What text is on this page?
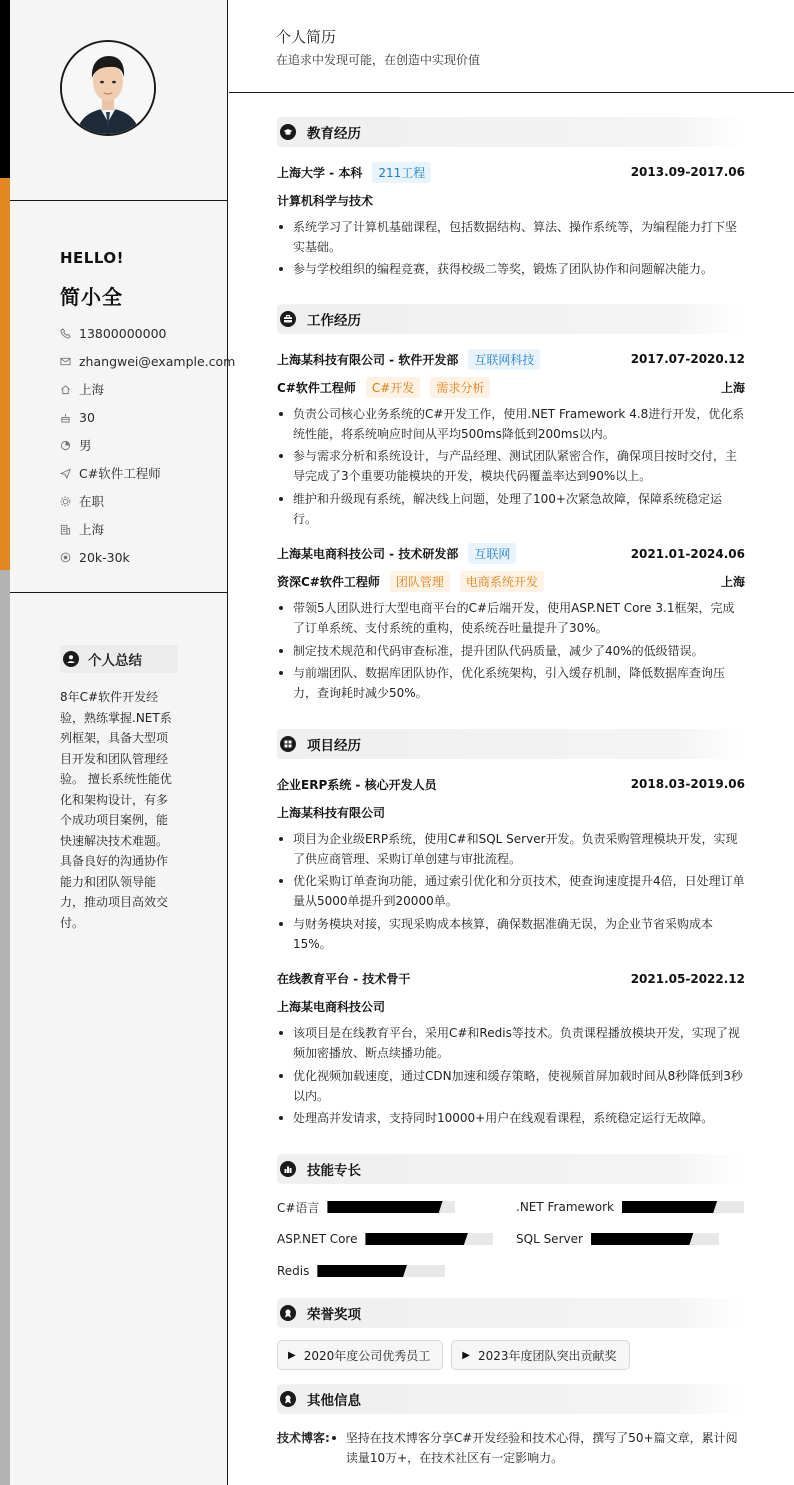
HELLO!
简小全
13800000000
zhangwei@example.com
上海
30
男
C#软件工程师
在职
上海
20k-30k
个人总结
8年C#软件开发经验，熟练掌握.NET系列框架，具备大型项目开发和团队管理经验。 擅长系统性能优化和架构设计，有多个成功项目案例，能快速解决技术难题。具备良好的沟通协作能力和团队领导能力，推动项目高效交付。
个人简历
在追求中发现可能，在创造中实现价值
教育经历
上海大学 - 本科	211工程	2013.09-2017.06
计算机科学与技术
系统学习了计算机基础课程，包括数据结构、算法、操作系统等，为编程能力打下坚实基础。
参与学校组织的编程竞赛，获得校级二等奖，锻炼了团队协作和问题解决能力。
工作经历
上海某科技有限公司 - 软件开发部	互联网科技	2017.07-2020.12
C#软件工程师	C#开发	需求分析	上海
负责公司核心业务系统的C#开发工作，使用.NET Framework 4.8进行开发，优化系统性能，将系统响应时间从平均500ms降低到200ms以内。
参与需求分析和系统设计，与产品经理、测试团队紧密合作，确保项目按时交付，主导完成了3个重要功能模块的开发，模块代码覆盖率达到90%以上。
维护和升级现有系统，解决线上问题，处理了100+次紧急故障，保障系统稳定运行。
上海某电商科技公司 - 技术研发部	互联网	2021.01-2024.06
资深C#软件工程师	团队管理	电商系统开发	上海
带领5人团队进行大型电商平台的C#后端开发，使用ASP.NET Core 3.1框架，完成了订单系统、支付系统的重构，使系统吞吐量提升了30%。
制定技术规范和代码审查标准，提升团队代码质量，减少了40%的低级错误。
与前端团队、数据库团队协作，优化系统架构，引入缓存机制，降低数据库查询压力，查询耗时减少50%。
项目经历
企业ERP系统 - 核心开发人员	2018.03-2019.06
上海某科技有限公司
项目为企业级ERP系统，使用C#和SQL Server开发。负责采购管理模块开发，实现了供应商管理、采购订单创建与审批流程。
优化采购订单查询功能，通过索引优化和分页技术，使查询速度提升4倍，日处理订单量从5000单提升到20000单。
与财务模块对接，实现采购成本核算，确保数据准确无误，为企业节省采购成本15%。
在线教育平台 - 技术骨干	2021.05-2022.12
上海某电商科技公司
该项目是在线教育平台，采用C#和Redis等技术。负责课程播放模块开发，实现了视频加密播放、断点续播功能。
优化视频加载速度，通过CDN加速和缓存策略，使视频首屏加载时间从8秒降低到3秒以内。
处理高并发请求，支持同时10000+用户在线观看课程，系统稳定运行无故障。
技能专长
C#语言	.NET Framework
ASP.NET Core	SQL Server
Redis
荣誉奖项
▶ 2020年度公司优秀员工	▶ 2023年度团队突出贡献奖
其他信息
技术博客:	坚持在技术博客分享C#开发经验和技术心得，撰写了50+篇文章，累计阅读量10万+，在技术社区有一定影响力。
